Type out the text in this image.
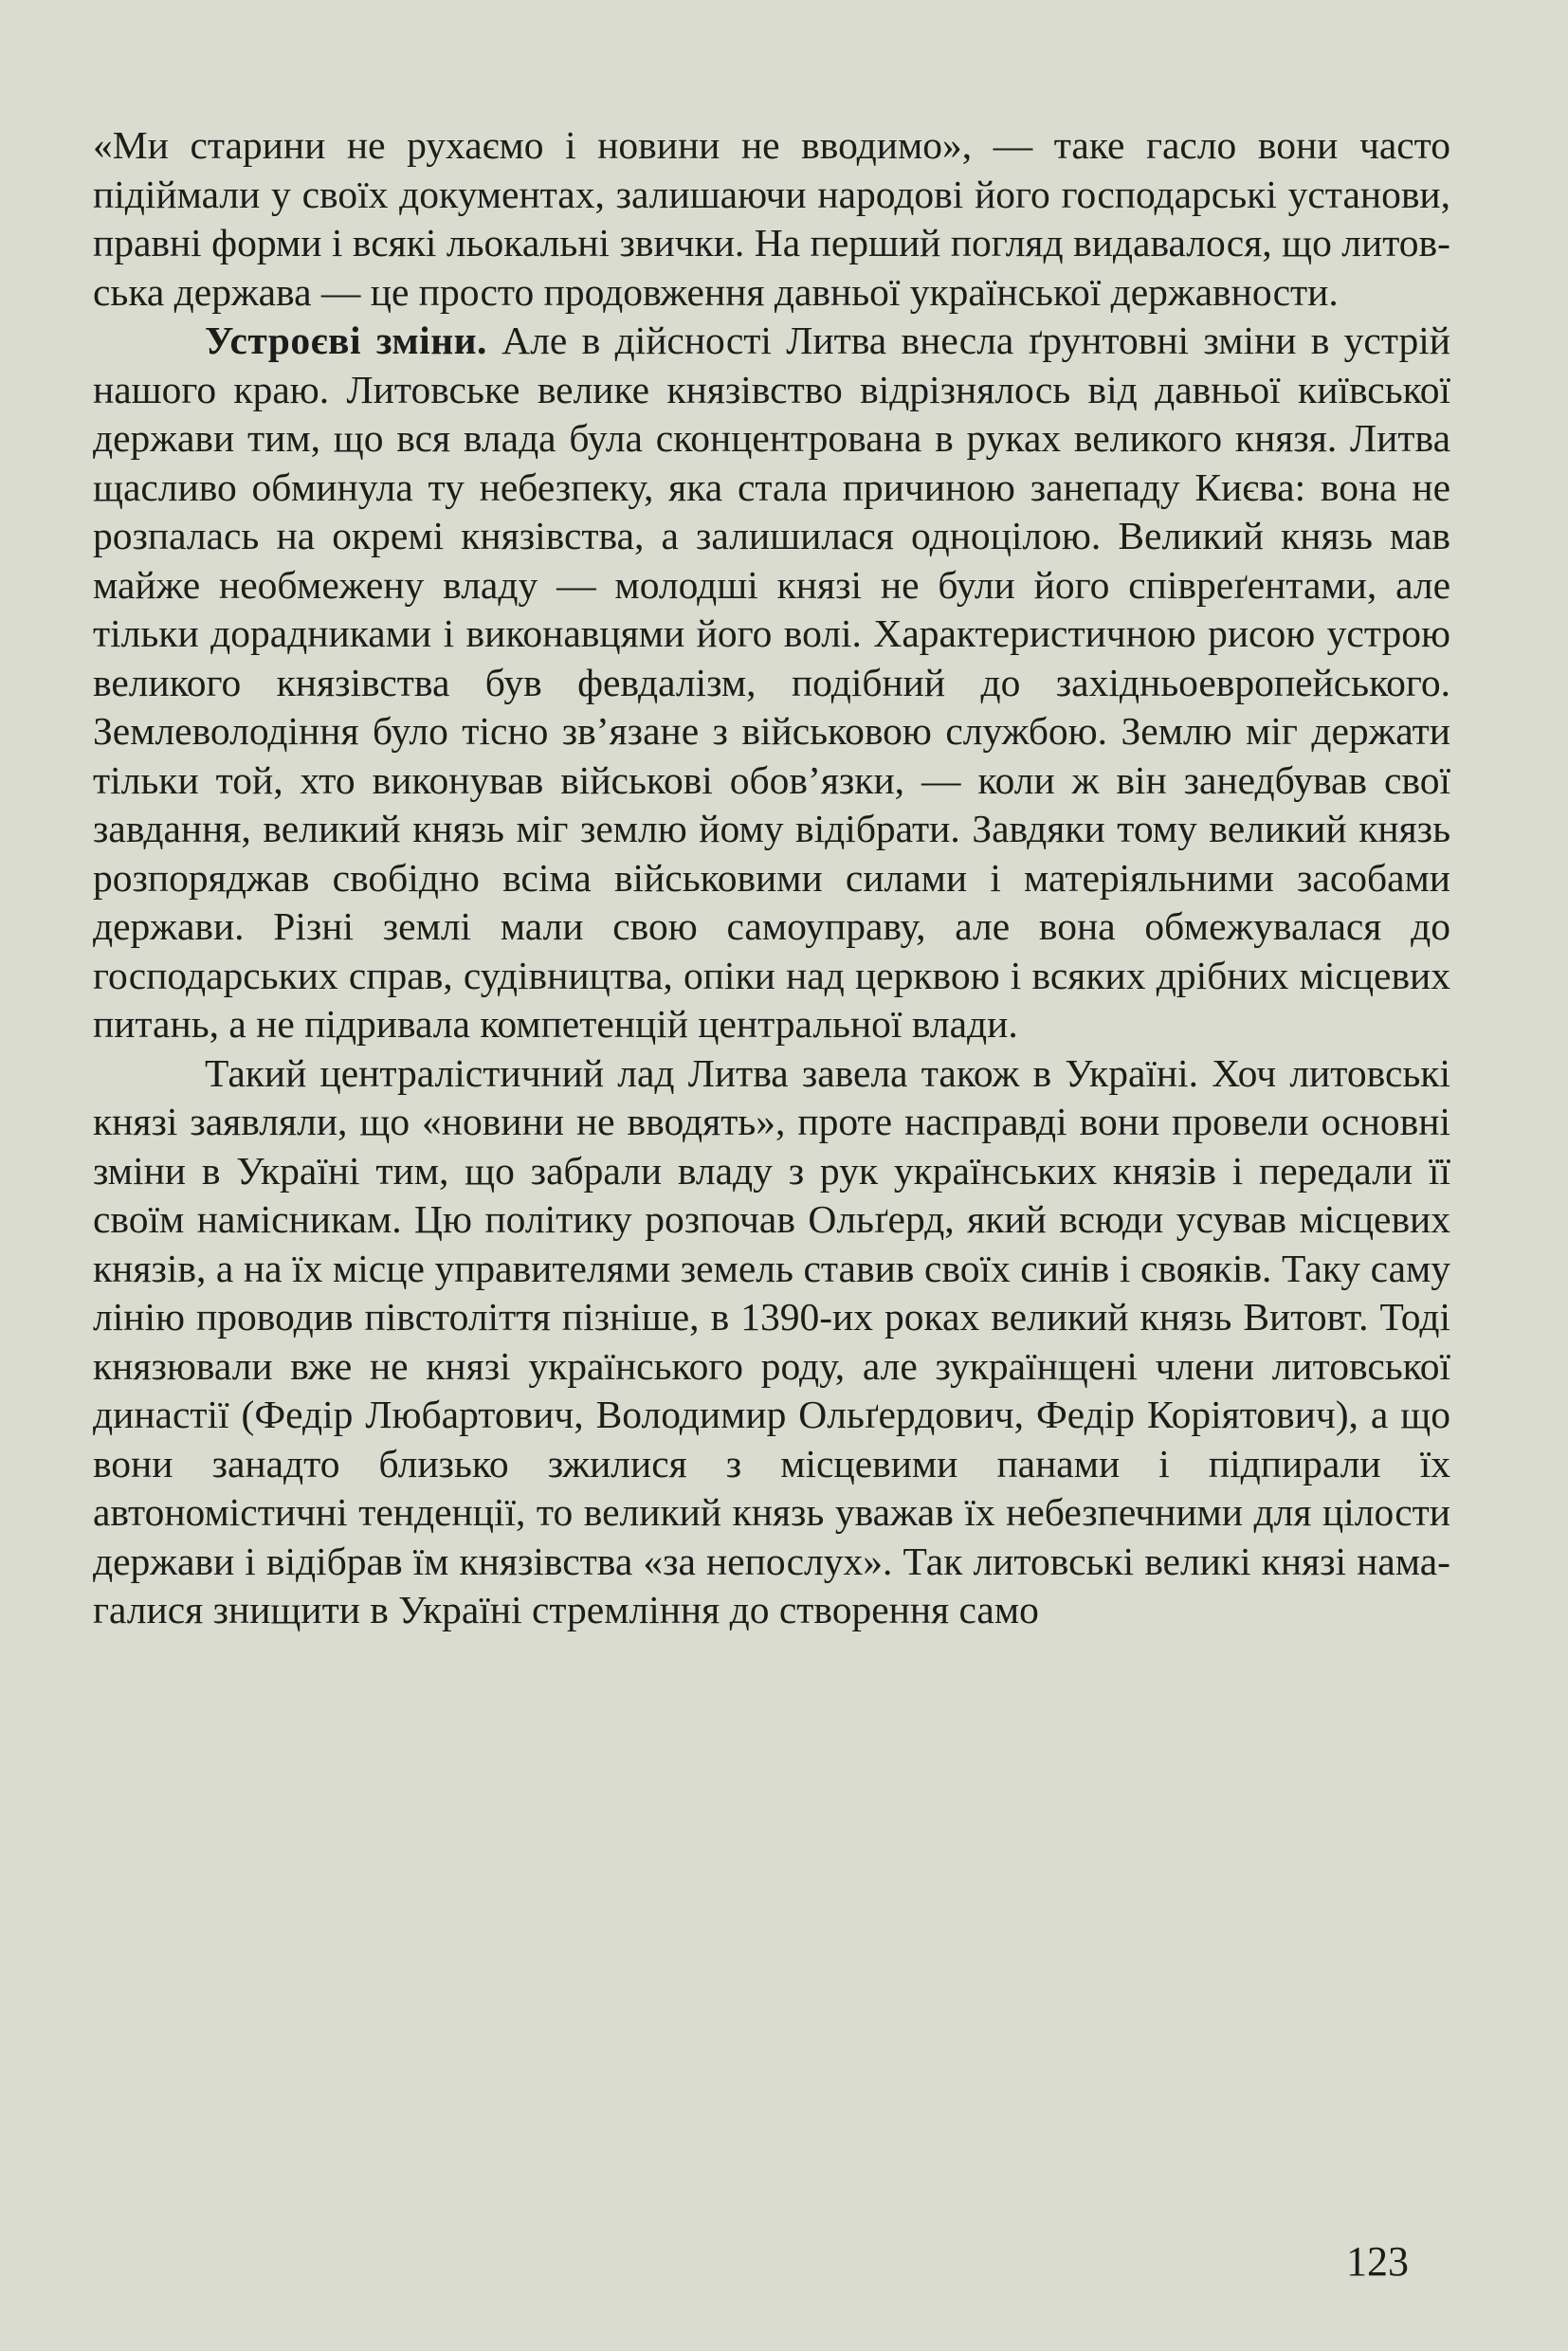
«Ми старини не рухаємо і новини не вводимо», — таке гасло вони часто підіймали у своїх документах, залишаючи народові його господарські установи, правні форми і всякі льокальні звички. На перший погляд видавалося, що литовська держава — це просто продовження давньої української державности.

Устроєві зміни. Але в дійсності Литва внесла ґрунтовні зміни в устрій нашого краю. Литовське велике князівство відрізнялось від давньої київської держави тим, що вся влада була сконцентрована в руках великого князя. Литва щасливо обминула ту небезпеку, яка стала причиною занепаду Києва: вона не розпалась на окремі князівства, а залишилася одноцілою. Великий князь мав майже необмежену владу — молодші князі не були його співреґентами, але тільки дорадниками і виконавцями його волі. Характеристичною рисою устрою великого князівства був февдалізм, подібний до західньоевропейського. Землеволодіння було тісно зв’язане з військовою службою. Землю міг держати тільки той, хто виконував військові обов’язки, — коли ж він занедбував свої завдання, великий князь міг землю йому відібрати. Завдяки тому великий князь розпоряджав свобідно всіма військовими силами і матеріяльними засобами держави. Різні землі мали свою самоуправу, але вона обмежувалася до господарських справ, судівництва, опіки над церквою і всяких дрібних місцевих питань, а не підривала компетенцій центральної влади.

Такий централістичний лад Литва завела також в Україні. Хоч литовські князі заявляли, що «новини не вводять», проте насправді вони провели основні зміни в Україні тим, що забрали владу з рук українських князів і передали її своїм намісникам. Цю політику розпочав Ольґерд, який всюди усував місцевих князів, а на їх місце управителями земель ставив своїх синів і свояків. Таку саму лінію проводив півстоліття пізніше, в 1390-их роках великий князь Витовт. Тоді князювали вже не князі українського роду, але зукраїнщені члени литовської династії (Федір Любартович, Володимир Ольґердович, Федір Коріятович), а що вони занадто близько зжилися з місцевими панами і підпирали їх автономістичні тенденції, то великий князь уважав їх небезпечними для цілости держави і відібрав їм князівства «за непослух». Так литовські великі князі намагалися знищити в Україні стремління до створення само

123
